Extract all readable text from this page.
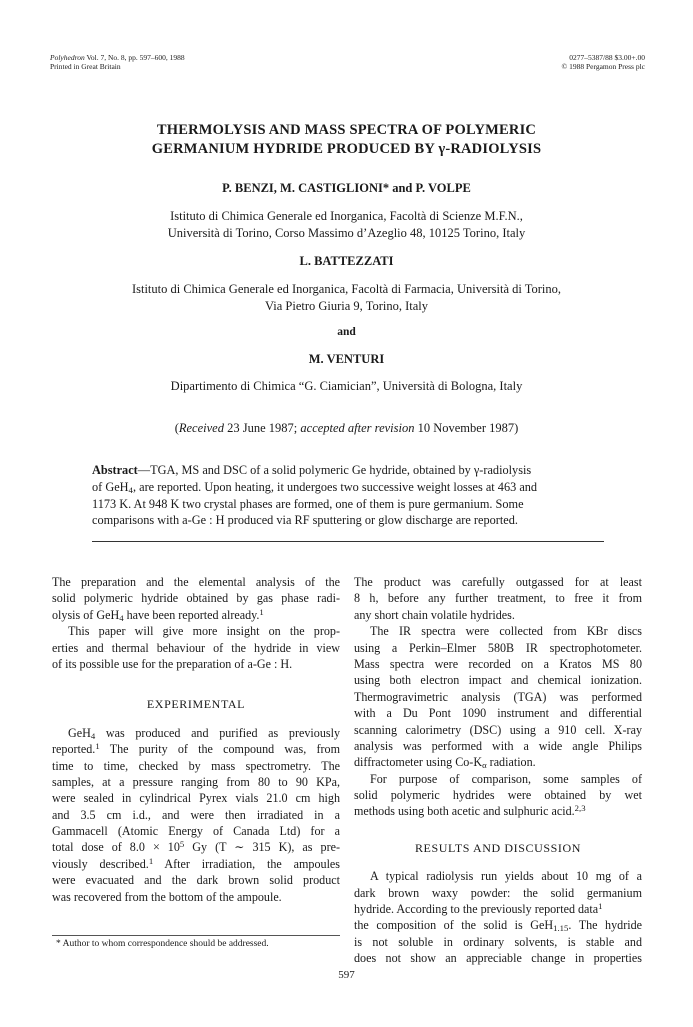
Polyhedron Vol. 7, No. 8, pp. 597–600, 1988
Printed in Great Britain
0277–5387/88 $3.00+.00
© 1988 Pergamon Press plc
THERMOLYSIS AND MASS SPECTRA OF POLYMERIC
GERMANIUM HYDRIDE PRODUCED BY γ-RADIOLYSIS
P. BENZI, M. CASTIGLIONI* and P. VOLPE
Istituto di Chimica Generale ed Inorganica, Facoltà di Scienze M.F.N.,
Università di Torino, Corso Massimo d’Azeglio 48, 10125 Torino, Italy
L. BATTEZZATI
Istituto di Chimica Generale ed Inorganica, Facoltà di Farmacia, Università di Torino,
Via Pietro Giuria 9, Torino, Italy
and
M. VENTURI
Dipartimento di Chimica “G. Ciamician”, Università di Bologna, Italy
(Received 23 June 1987; accepted after revision 10 November 1987)
Abstract—TGA, MS and DSC of a solid polymeric Ge hydride, obtained by γ-radiolysis
of GeH$_4$, are reported. Upon heating, it undergoes two successive weight losses at 463 and
1173 K. At 948 K two crystal phases are formed, one of them is pure germanium. Some
comparisons with a-Ge : H produced via RF sputtering or glow discharge are reported.
The preparation and the elemental analysis of the
solid polymeric hydride obtained by gas phase radi-
olysis of GeH$_4$ have been reported already.$^1$
This paper will give more insight on the prop-
erties and thermal behaviour of the hydride in view
of its possible use for the preparation of a-Ge : H.
EXPERIMENTAL
GeH$_4$ was produced and purified as previously
reported.$^1$ The purity of the compound was, from
time to time, checked by mass spectrometry. The
samples, at a pressure ranging from 80 to 90 KPa,
were sealed in cylindrical Pyrex vials 21.0 cm high
and 3.5 cm i.d., and were then irradiated in a
Gammacell (Atomic Energy of Canada Ltd) for a
total dose of $8.0 \times 10^5$ Gy (T ∼ 315 K), as pre-
viously described.$^1$ After irradiation, the ampoules
were evacuated and the dark brown solid product
was recovered from the bottom of the ampoule.
* Author to whom correspondence should be addressed.
The product was carefully outgassed for at least
8 h, before any further treatment, to free it from
any short chain volatile hydrides.
The IR spectra were collected from KBr discs
using a Perkin–Elmer 580B IR spectrophotometer.
Mass spectra were recorded on a Kratos MS 80
using both electron impact and chemical ionization.
Thermogravimetric analysis (TGA) was performed
with a Du Pont 1090 instrument and differential
scanning calorimetry (DSC) using a 910 cell. X-ray
analysis was performed with a wide angle Philips
diffractometer using $Co-K_\alpha$ radiation.
For purpose of comparison, some samples of
solid polymeric hydrides were obtained by wet
methods using both acetic and sulphuric acid.$^{2,3}$
RESULTS AND DISCUSSION
A typical radiolysis run yields about 10 mg of a
dark brown waxy powder: the solid germanium
hydride. According to the previously reported data$^1$
the composition of the solid is GeH$_{1.15}$. The hydride
is not soluble in ordinary solvents, is stable and
does not show an appreciable change in properties
597
